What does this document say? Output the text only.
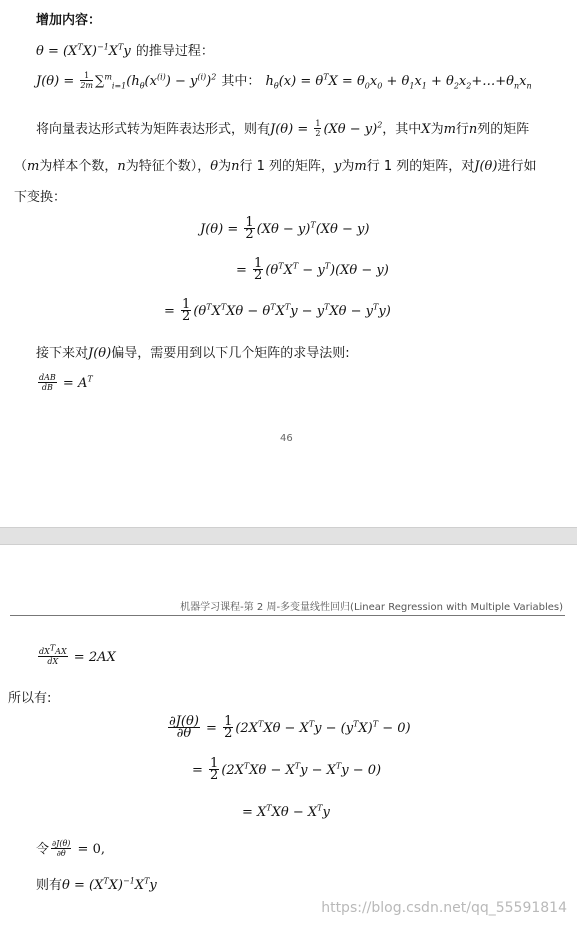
增加内容：
$\theta = (X^TX)^{-1}X^Ty$ 的推导过程：
$J(\theta) = \frac{1}{2m} \sum^m_{i=1}(h_\theta(x^{(i)}) - y^{(i)})^2$ 其中： $h_\theta(x) = \theta^TX = \theta_0x_0 + \theta_1x_1$ + $\theta_2x_2+\dots+\theta_nx_n$
将向量表达形式转为矩阵表达形式，则有$J(\theta) = \frac{1}{2} (X\theta - y)^2$，其中X为m行n列的矩阵
（m为样本个数，n为特征个数），θ为n行 1 列的矩阵，y为m行 1 列的矩阵，对J(θ)进行如
下变换：
$J(\theta) = \frac{1}{2} (X\theta - y)^T(X\theta - y)$
= $\frac{1}{2} (\theta^TX^T - y^T)(X\theta - y)$
= $\frac{1}{2} (\theta^TX^TX\theta - \theta^TX^Ty - y^TX\theta - y^Ty)$
接下来对J(θ)偏导，需要用到以下几个矩阵的求导法则:
$\frac{\text{dAB}}{dB} = A^T$
46
机器学习课程-第 2 周-多变量线性回归(Linear Regression with Multiple Variables)
$\frac{dX^TAX}{dX} = 2AX$
所以有:
$\frac{\partial J(\theta)}{\partial\theta} = \frac{1}{2} (2X^TX\theta - X^Ty - (y^TX)^T - 0)$
= $\frac{1}{2} (2X^TX\theta - X^Ty - X^Ty - 0)$
= $X^TX\theta - X^Ty$
令 $\frac{\partial J(\theta)}{\partial\theta} = 0$,
则有$\theta = (X^TX)^{-1}X^Ty$
https://blog.csdn.net/qq_55591814
